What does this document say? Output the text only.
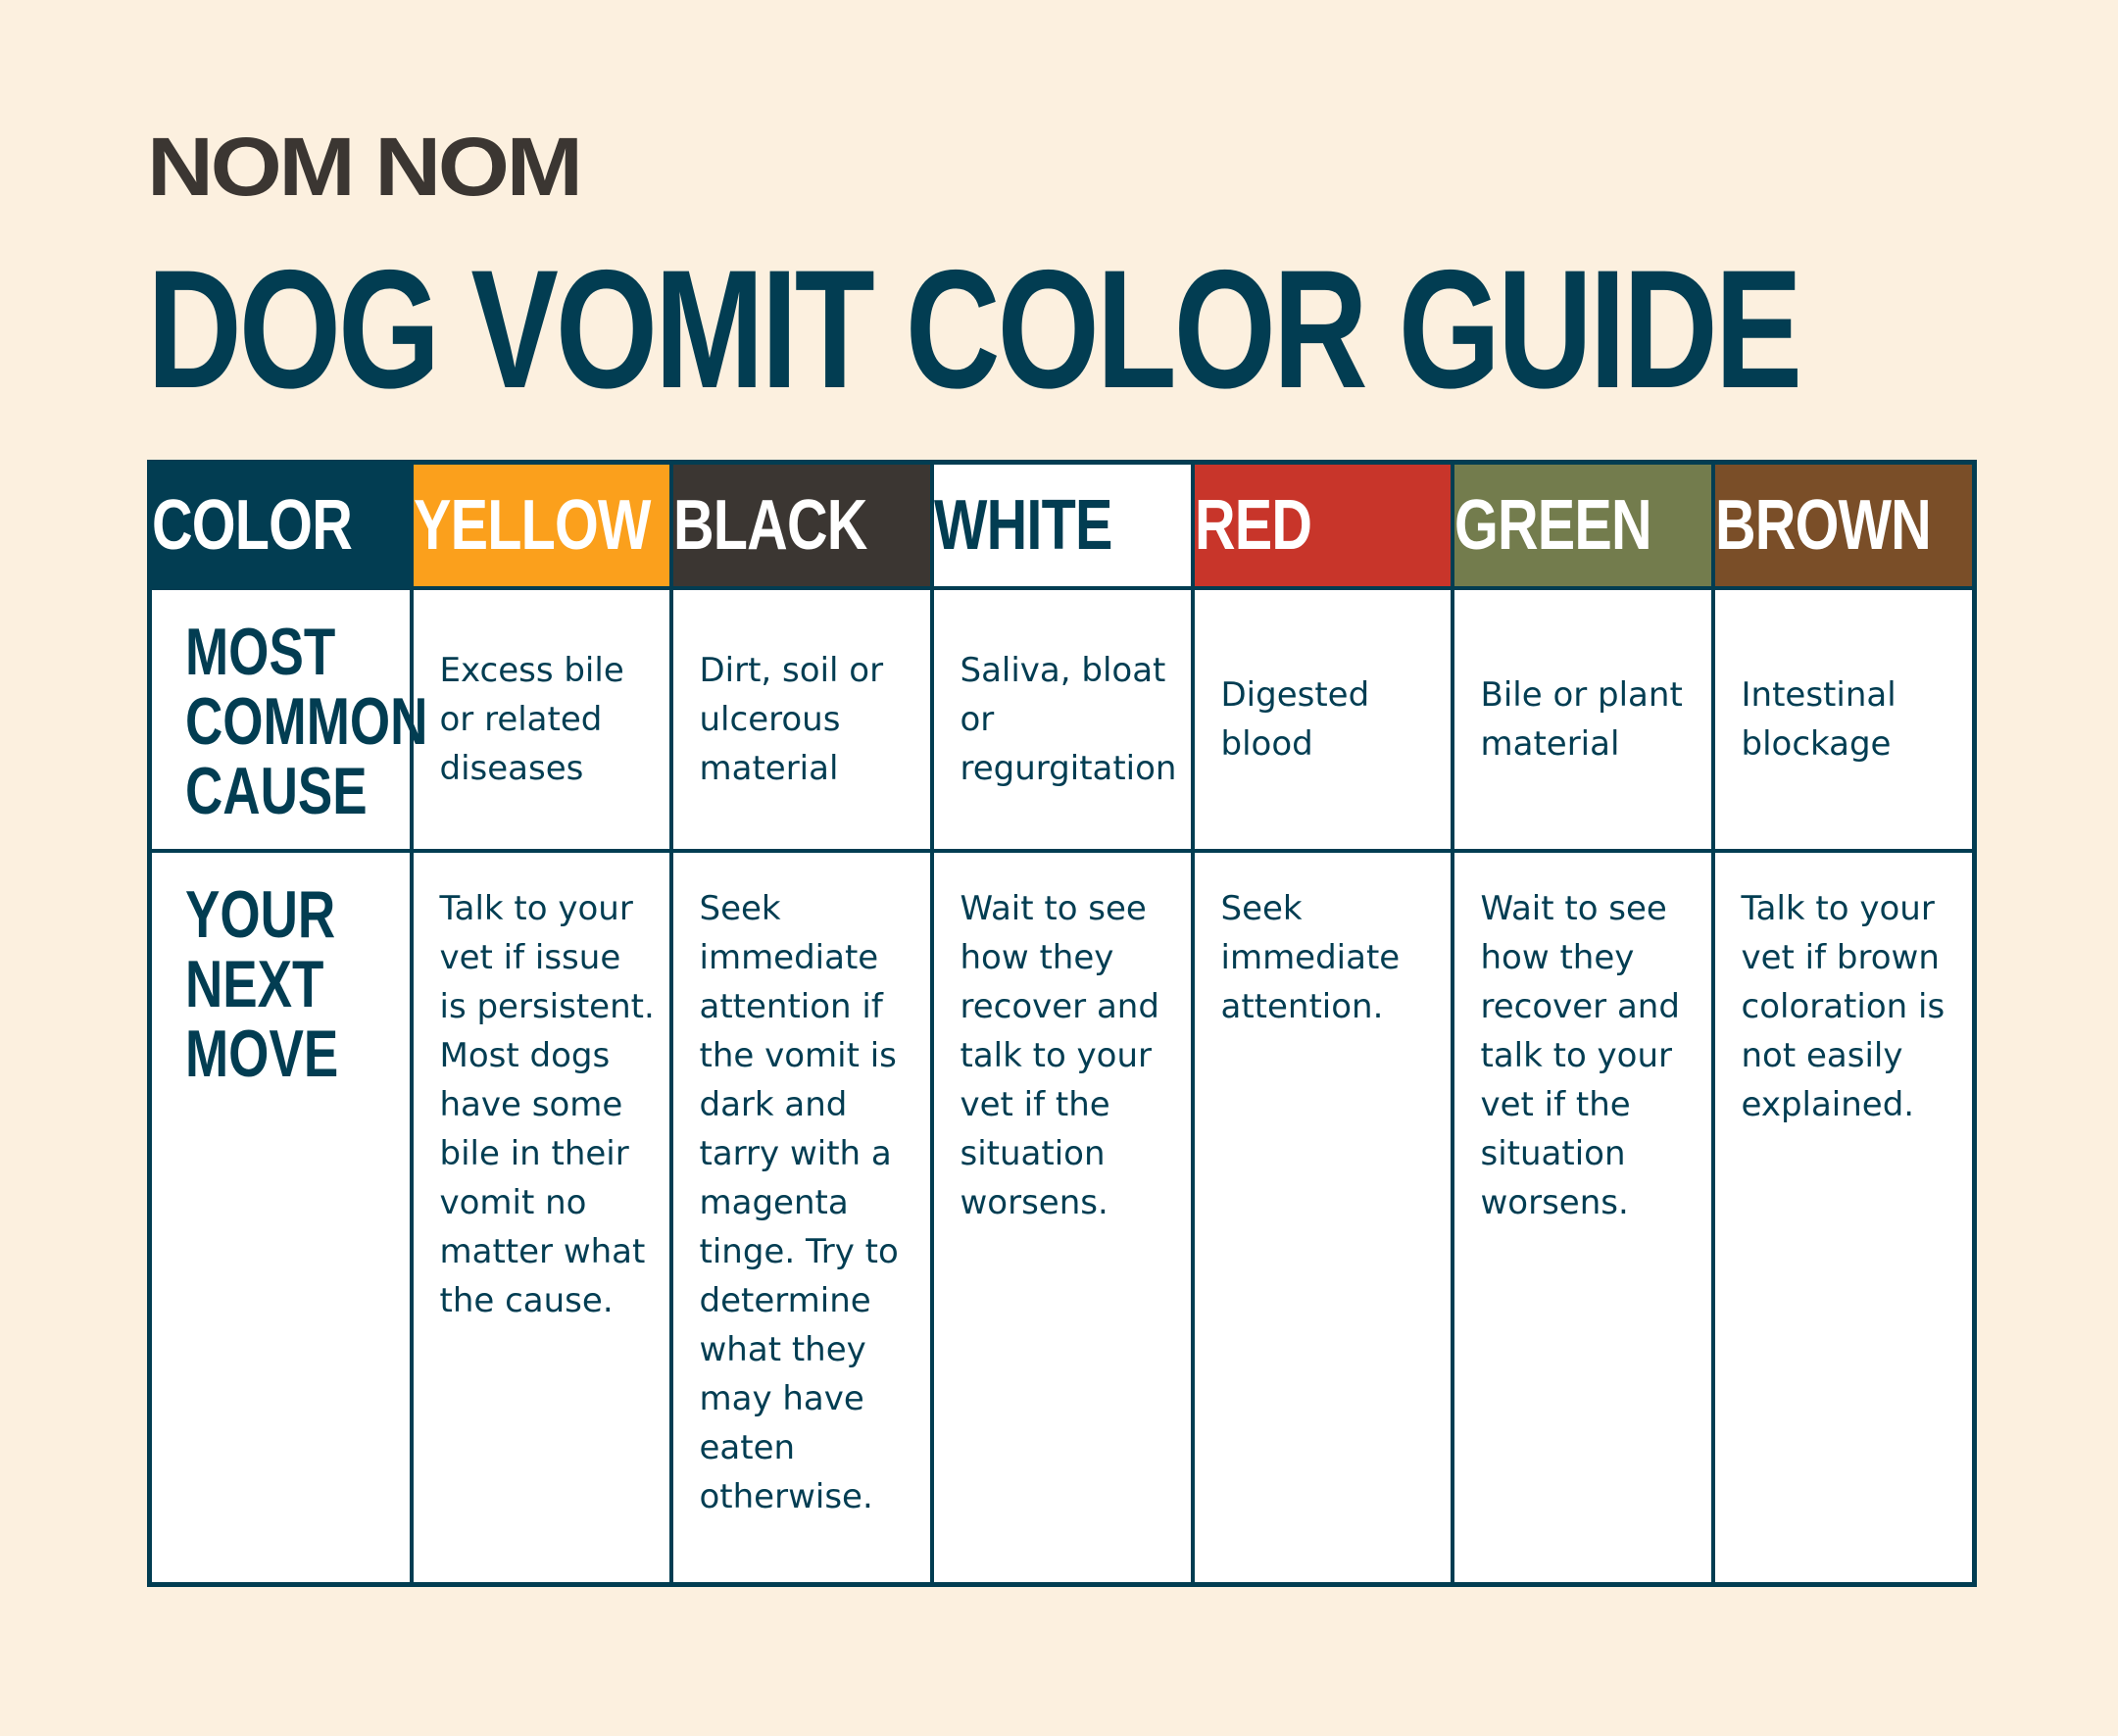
NOM NOM
DOG VOMIT COLOR GUIDE
COLOR	YELLOW	BLACK	WHITE	RED	GREEN	BROWN

MOST
COMMON
CAUSE	Excess bile or related diseases	Dirt, soil or ulcerous material	Saliva, bloat or regurgitation	Digested blood	Bile or plant material	Intestinal blockage

YOUR
NEXT
MOVE	Talk to your vet if issue is persistent. Most dogs have some bile in their vomit no matter what the cause.	Seek immediate attention if the vomit is dark and tarry with a magenta tinge. Try to determine what they may have eaten otherwise.	Wait to see how they recover and talk to your vet if the situation worsens.	Seek immediate attention.	Wait to see how they recover and talk to your vet if the situation worsens.	Talk to your vet if brown coloration is not easily explained.
